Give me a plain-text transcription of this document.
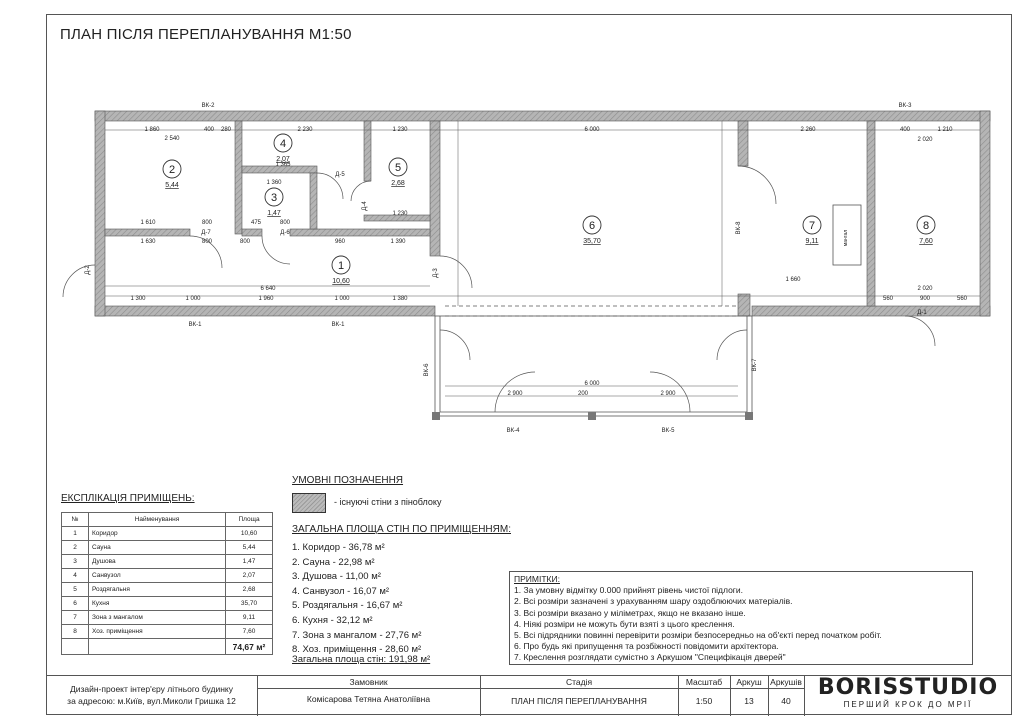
ПЛАН ПІСЛЯ ПЕРЕПЛАНУВАННЯ М1:50
1
10,60
2
5,44
3
1,47
4
2,07
5
2,68
6
35,70
7
9,11
8
7,60
ВК-2	ВК-3
ВК-1	ВК-1
ВК-4	ВК-5
Д-7	Д-6
Д-5
Д-1
мангал
Д-4
Д-3
Д-2
ВК-6	ВК-7
ВК-8
1 860	400 280	2 230	1 230	6 000	2 260	400	1 210
2 540	2 020
1 365
1 360
1 230
1 610	800	475	800
1 630	800	800	960	1 390
1 660
6 640	2 020
1 300	1 000	1 960	1 000	1 380	560	900	560
6 000
2 900	200	2 900
УМОВНІ ПОЗНАЧЕННЯ
- існуючі стіни з піноблоку
ЗАГАЛЬНА ПЛОЩА СТІН ПО ПРИМІЩЕННЯМ:
1. Коридор - 36,78 м²
2. Сауна - 22,98 м²
3. Душова - 11,00 м²
4. Санвузол - 16,07 м²
5. Роздягальня - 16,67 м²
6. Кухня - 32,12 м²
7. Зона з мангалом - 27,76 м²
8. Хоз. приміщення - 28,60 м²
Загальна площа стін: 191,98 м²
ЕКСПЛІКАЦІЯ ПРИМІЩЕНЬ:
№	Найменування	Площа
1	Коридор	10,60
2	Сауна	5,44
3	Душова	1,47
4	Санвузол	2,07
5	Роздягальня	2,68
6	Кухня	35,70
7	Зона з мангалом	9,11
8	Хоз. приміщення	7,60
		74,67 м²
ПРИМІТКИ:
1. За умовну відмітку 0.000 прийнят рівень чистої підлоги.
2. Всі розміри зазначені з урахуванням шару оздоблюючих матеріалів.
3. Всі розміри вказано у міліметрах, якщо не вказано інше.
4. Ніякі розміри не можуть бути взяті з цього креслення.
5. Всі підрядники повинні перевірити розміри безпосередньо на об'єкті перед початком робіт.
6. Про будь які припущення та розбіжності повідомити архітектора.
7. Креслення розглядати сумістно з Аркушом "Специфікація дверей"
Дизайн-проект інтер'єру літнього будинку
за адресою: м.Київ, вул.Миколи Гришка 12
Замовник
Комісарова Тетяна Анатоліївна
Стадія
ПЛАН ПІСЛЯ ПЕРЕПЛАНУВАННЯ
Масштаб
1:50
Аркуш
13
Аркушів
40
BORISSTUDIO
ПЕРШИЙ КРОК ДО МРІЇ
